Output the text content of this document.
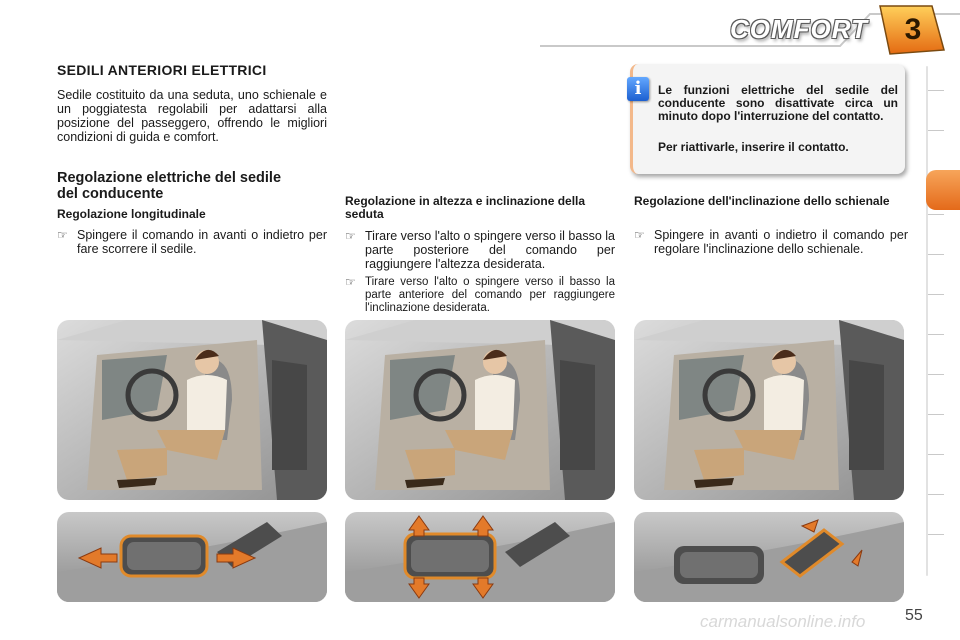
COMFORT	3
SEDILI ANTERIORI ELETTRICI
Sedile costituito da una seduta, uno schienale e un poggiatesta regolabili per adattarsi alla posizione del passeggero, offrendo le migliori condizioni di guida e comfort.
Regolazione elettriche del sedile del conducente
Regolazione longitudinale
☞ Spingere il comando in avanti o indietro per fare scorrere il sedile.
Regolazione in altezza e inclinazione della seduta
☞ Tirare verso l'alto o spingere verso il basso la parte posteriore del comando per raggiungere l'altezza desiderata.
☞ Tirare verso l'alto o spingere verso il basso la parte anteriore del comando per raggiungere l'inclinazione desiderata.
Regolazione dell'inclinazione dello schienale
☞ Spingere in avanti o indietro il comando per regolare l'inclinazione dello schienale.
i	Le funzioni elettriche del sedile del conducente sono disattivate circa un minuto dopo l'interruzione del contatto.
Per riattivarle, inserire il contatto.
55
carmanualsonline.info
